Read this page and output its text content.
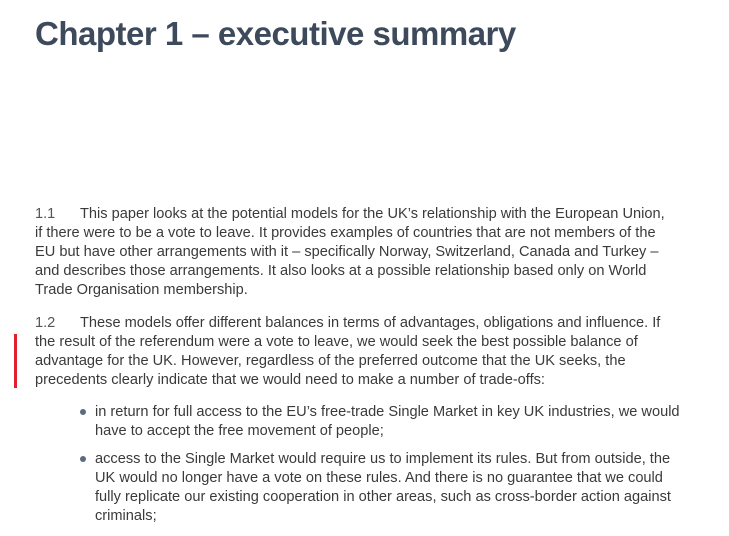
Chapter 1 – executive summary

1.1 This paper looks at the potential models for the UK’s relationship with the European Union, if there were to be a vote to leave. It provides examples of countries that are not members of the EU but have other arrangements with it – specifically Norway, Switzerland, Canada and Turkey – and describes those arrangements. It also looks at a possible relationship based only on World Trade Organisation membership.

1.2 These models offer different balances in terms of advantages, obligations and influence. If the result of the referendum were a vote to leave, we would seek the best possible balance of advantage for the UK. However, regardless of the preferred outcome that the UK seeks, the precedents clearly indicate that we would need to make a number of trade-offs:

in return for full access to the EU’s free-trade Single Market in key UK industries, we would have to accept the free movement of people;
access to the Single Market would require us to implement its rules. But from outside, the UK would no longer have a vote on these rules. And there is no guarantee that we could fully replicate our existing cooperation in other areas, such as cross-border action against criminals;
